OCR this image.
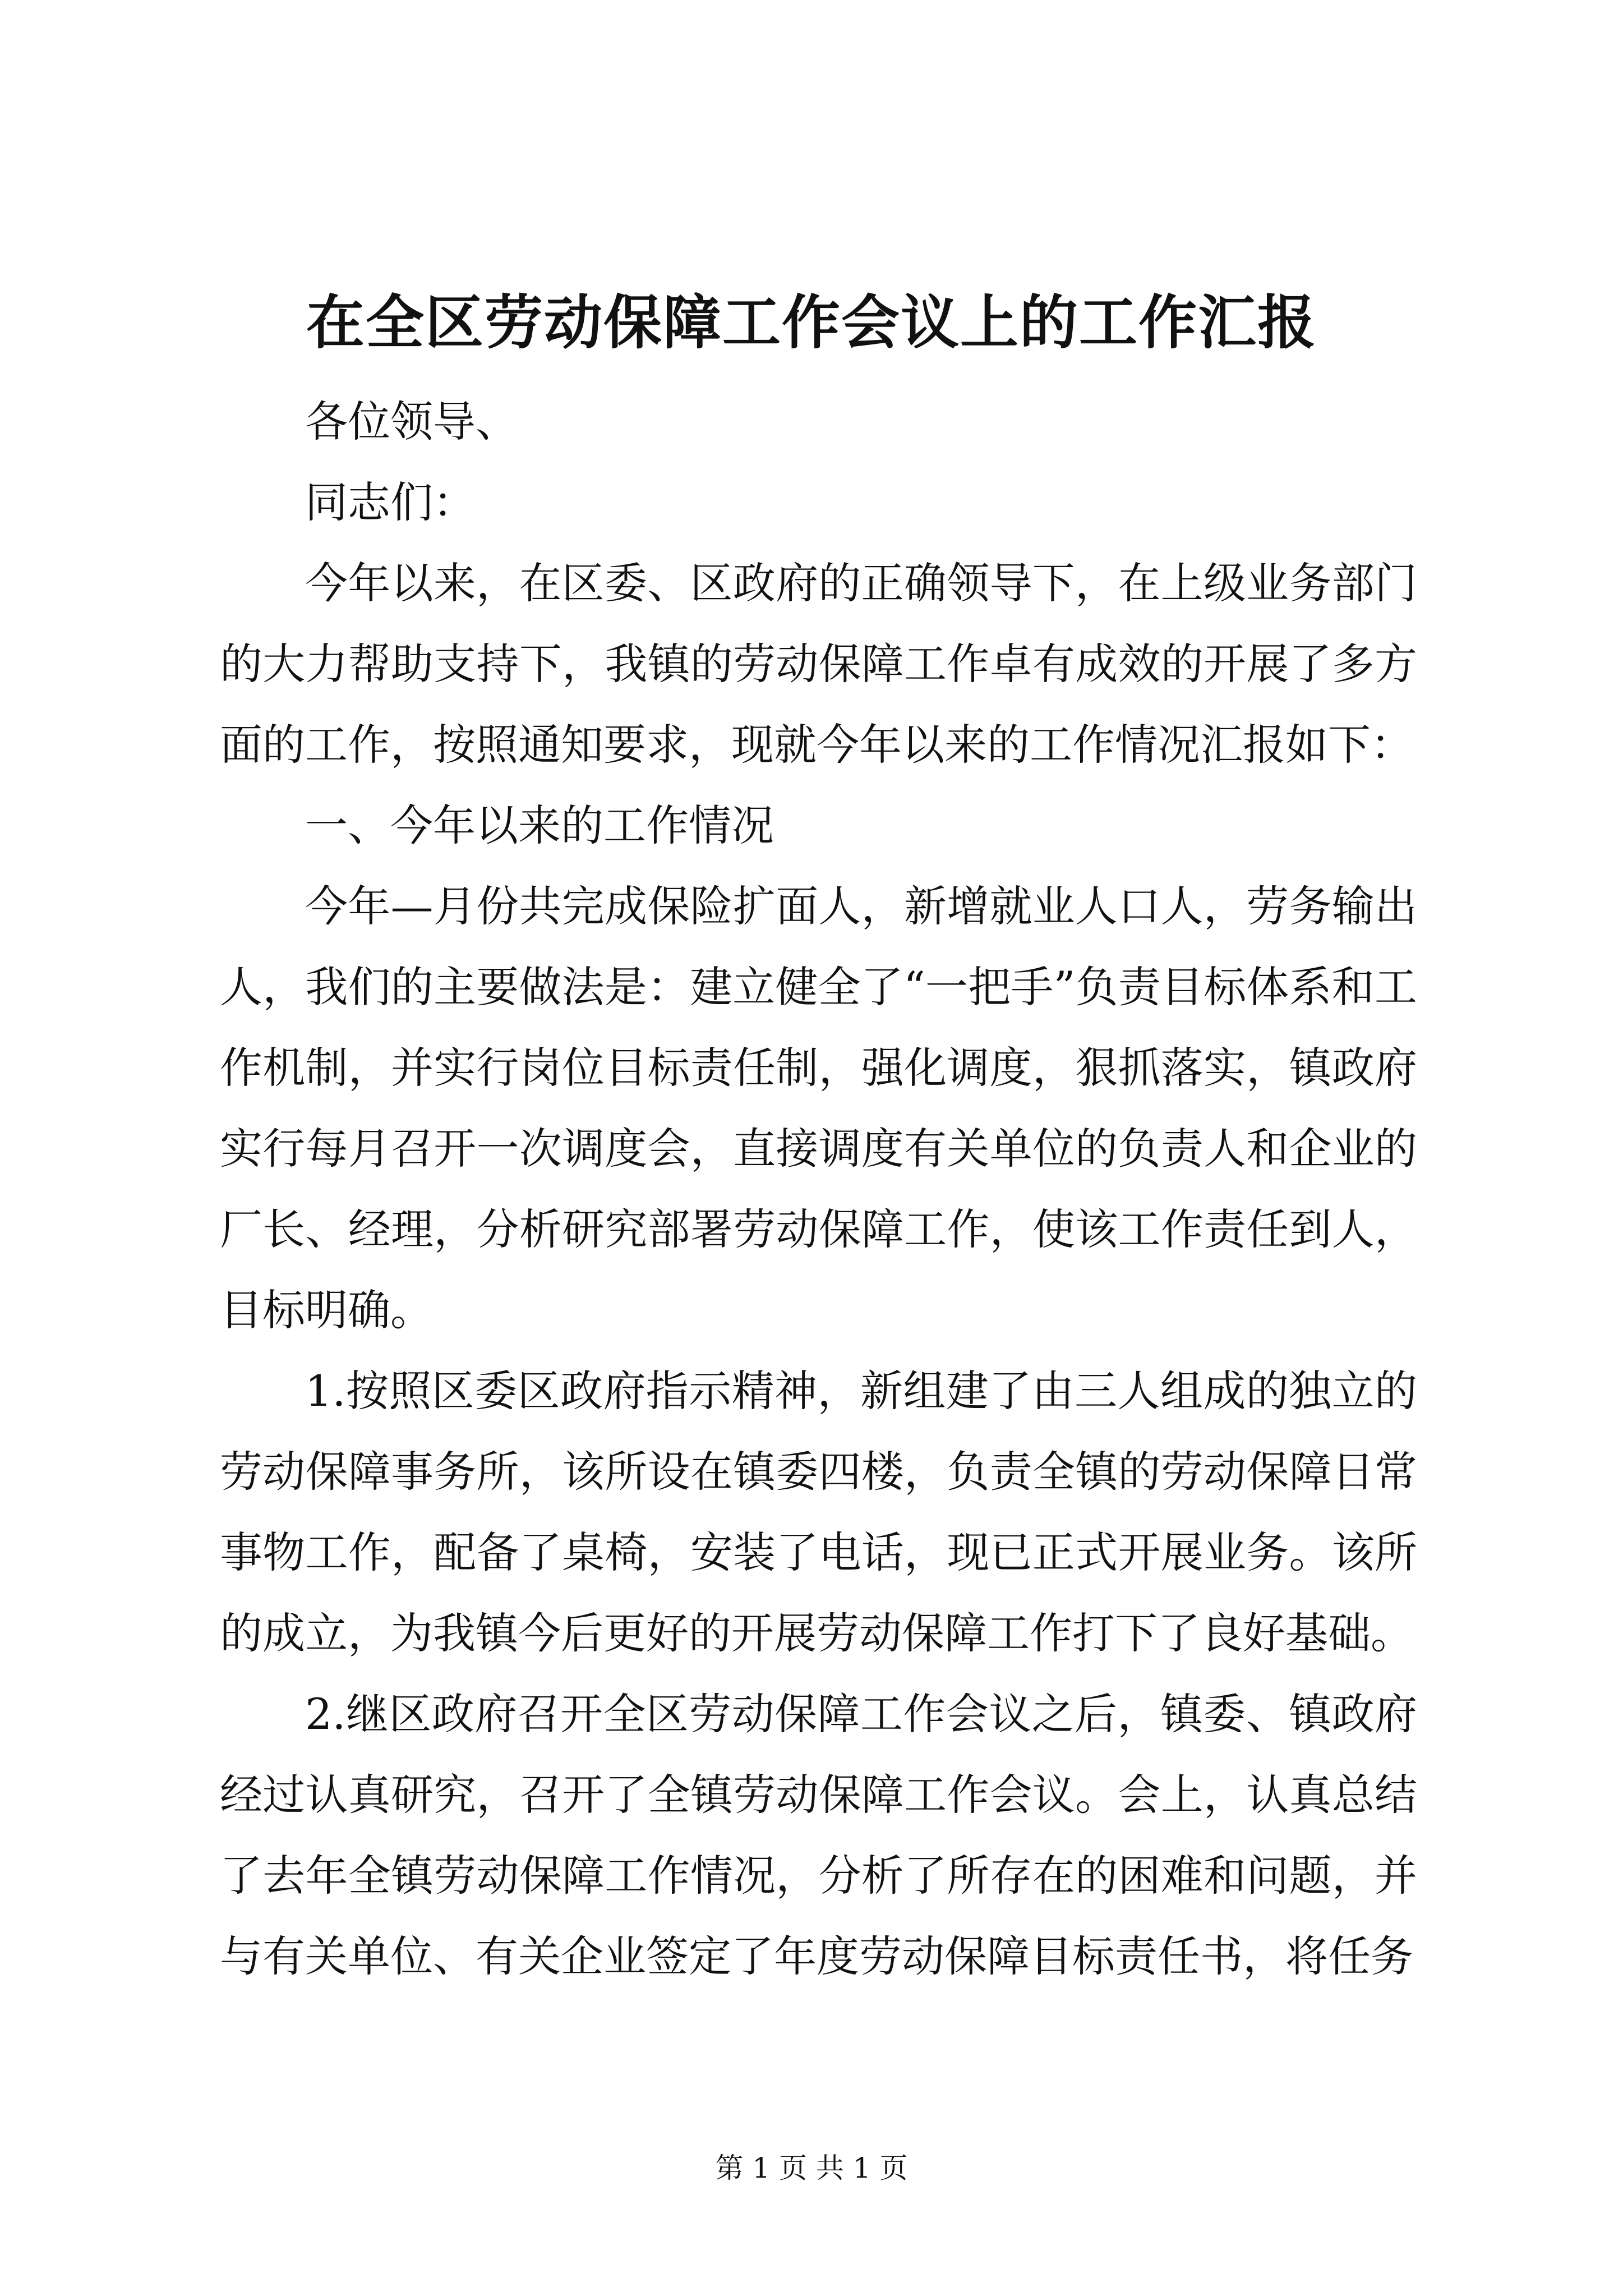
在全区劳动保障工作会议上的工作汇报

各位领导、

同志们：

今年以来，在区委、区政府的正确领导下，在上级业务部门的大力帮助支持下，我镇的劳动保障工作卓有成效的开展了多方面的工作，按照通知要求，现就今年以来的工作情况汇报如下：

一、今年以来的工作情况

今年—月份共完成保险扩面人，新增就业人口人，劳务输出人，我们的主要做法是：建立健全了“一把手”负责目标体系和工作机制，并实行岗位目标责任制，强化调度，狠抓落实，镇政府实行每月召开一次调度会，直接调度有关单位的负责人和企业的厂长、经理，分析研究部署劳动保障工作，使该工作责任到人，目标明确。

1.按照区委区政府指示精神，新组建了由三人组成的独立的劳动保障事务所，该所设在镇委四楼，负责全镇的劳动保障日常事物工作，配备了桌椅，安装了电话，现已正式开展业务。该所的成立，为我镇今后更好的开展劳动保障工作打下了良好基础。

2.继区政府召开全区劳动保障工作会议之后，镇委、镇政府经过认真研究，召开了全镇劳动保障工作会议。会上，认真总结了去年全镇劳动保障工作情况，分析了所存在的困难和问题，并与有关单位、有关企业签定了年度劳动保障目标责任书，将任务

第 1 页 共 1 页
